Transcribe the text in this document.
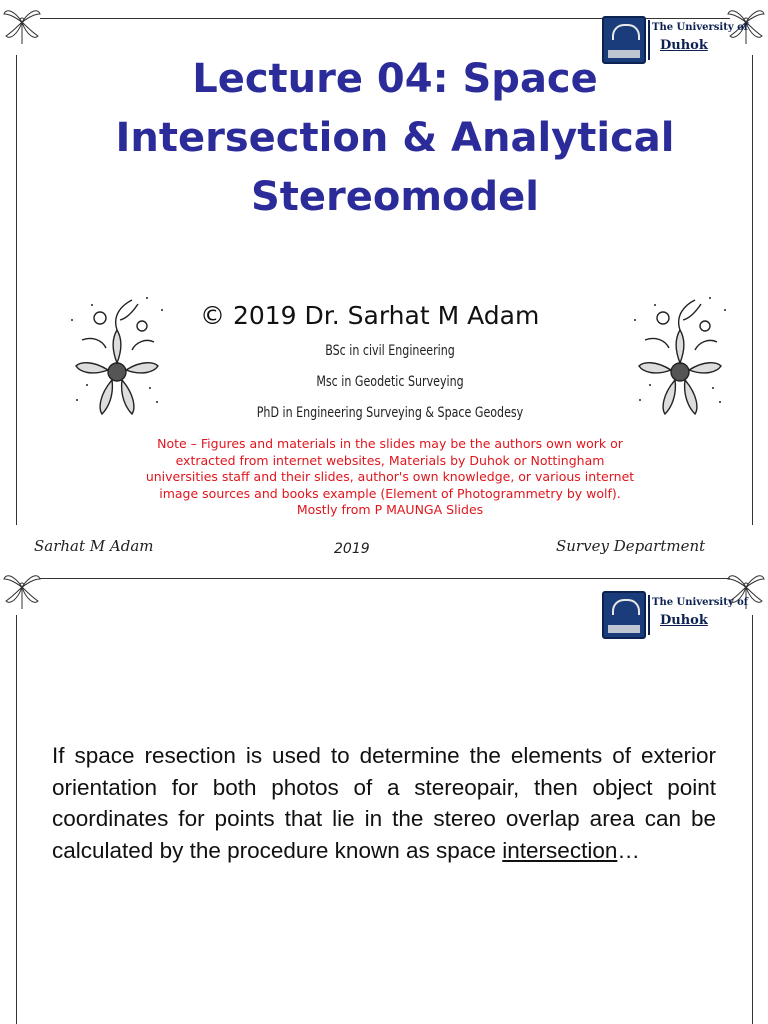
The University of
Duhok
Lecture 04: Space
Intersection & Analytical
Stereomodel
© 2019 Dr. Sarhat M Adam
BSc in civil Engineering
Msc in Geodetic Surveying
PhD in Engineering Surveying & Space Geodesy
Note – Figures and materials in the slides may be the authors own work or
extracted from internet websites, Materials by Duhok or Nottingham
universities staff and their slides, author's own knowledge, or various internet
image sources and books example (Element of Photogrammetry by wolf).
Mostly from P MAUNGA Slides
Sarhat M Adam	2019	Survey Department
The University of
Duhok
If space resection is used to determine the elements of exterior orientation for both photos of a stereopair, then object point coordinates for points that lie in the stereo overlap area can be calculated by the procedure known as space intersection…
